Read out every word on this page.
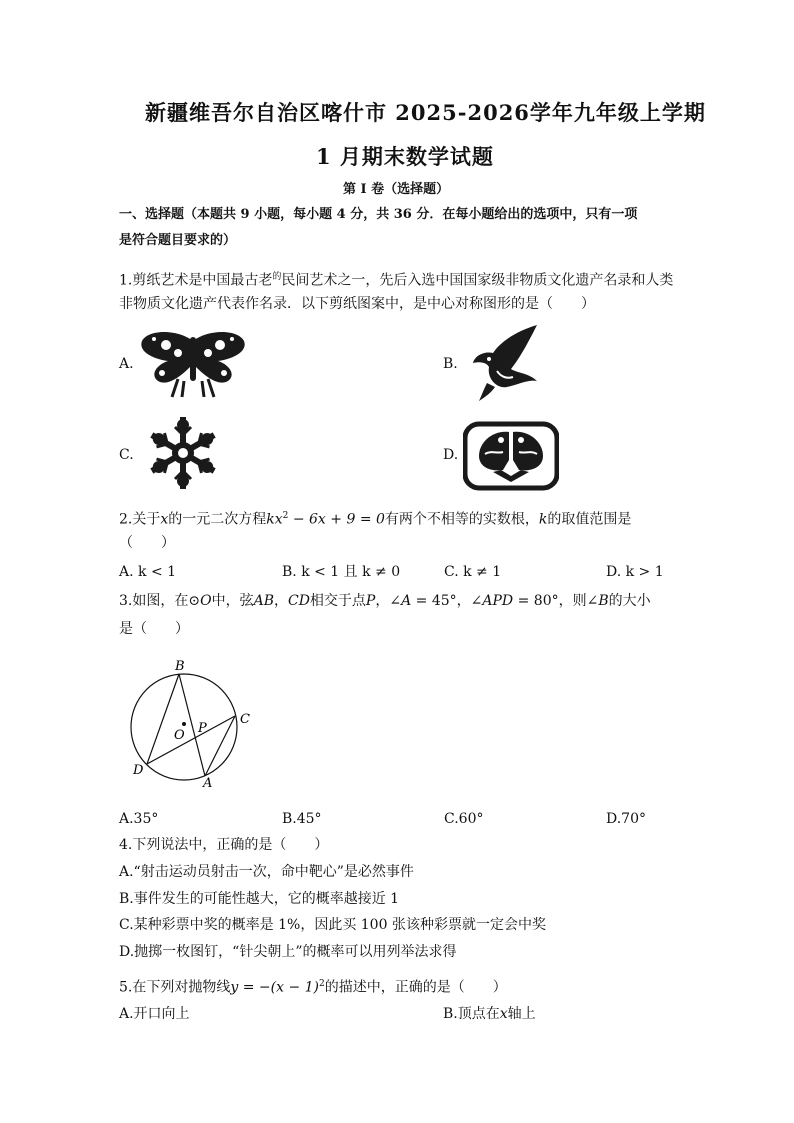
新疆维吾尔自治区喀什市 2025-2026学年九年级上学期
1 月期末数学试题
第 I 卷（选择题）
一、选择题（本题共 9 小题，每小题 4 分，共 36 分．在每小题给出的选项中，只有一项
是符合题目要求的）
1.剪纸艺术是中国最古老$^的$民间艺术之一，先后入选中国国家级非物质文化遗产名录和人类
非物质文化遗产代表作名录．以下剪纸图案中，是中心对称图形的是（　　）
A.	B.
C.	D.
2.关于x的一元二次方程$kx^2 - 6x + 9 = 0$有两个不相等的实数根，k的取值范围是
（　　）
A. k < 1	B. k < 1 且 k ≠ 0	C. k ≠ 1	D. k > 1
3.如图，在⊙O中，弦AB，CD相交于点P，∠A = 45°，∠APD = 80°，则∠B的大小
是（　　）
B
C
D
A
O P
A.35°	B.45°	C.60°	D.70°
4.下列说法中，正确的是（　　）
A.“射击运动员射击一次，命中靶心”是必然事件
B.事件发生的可能性越大，它的概率越接近 1
C.某种彩票中奖的概率是 1%，因此买 100 张该种彩票就一定会中奖
D.抛掷一枚图钉，“针尖朝上”的概率可以用列举法求得
5.在下列对抛物线$y = -(x - 1)^2$的描述中，正确的是（　　）
A.开口向上	B.顶点在x轴上
